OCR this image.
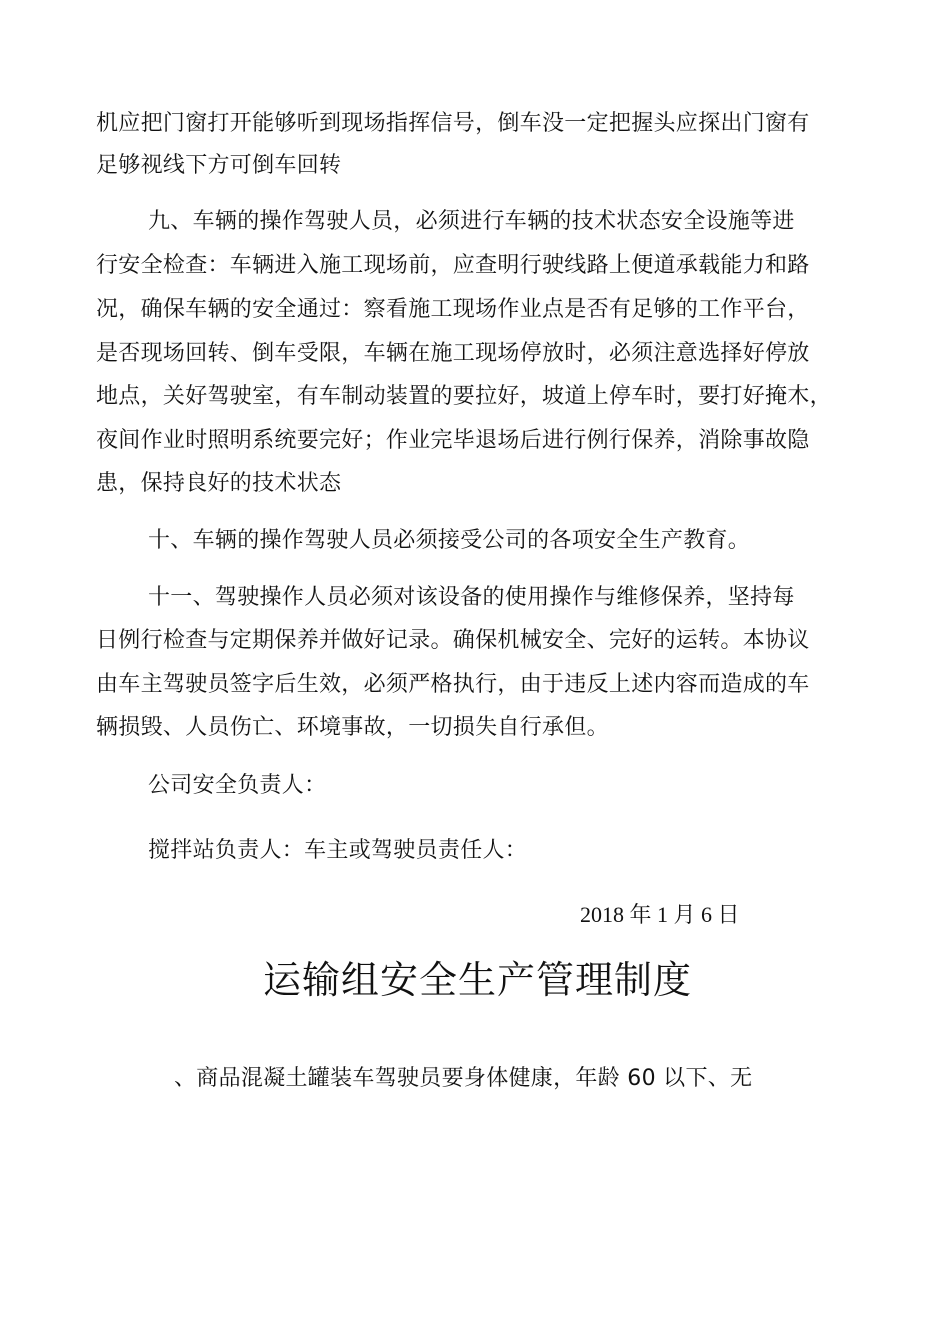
机应把门窗打开能够听到现场指挥信号，倒车没一定把握头应探出门窗有
足够视线下方可倒车回转
九、车辆的操作驾驶人员，必须进行车辆的技术状态安全设施等进
行安全检查：车辆进入施工现场前，应查明行驶线路上便道承载能力和路
况，确保车辆的安全通过：察看施工现场作业点是否有足够的工作平台，
是否现场回转、倒车受限，车辆在施工现场停放时，必须注意选择好停放
地点，关好驾驶室，有车制动装置的要拉好，坡道上停车时，要打好掩木，
夜间作业时照明系统要完好；作业完毕退场后进行例行保养，消除事故隐
患，保持良好的技术状态
十、车辆的操作驾驶人员必须接受公司的各项安全生产教育。
十一、驾驶操作人员必须对该设备的使用操作与维修保养，坚持每
日例行检查与定期保养并做好记录。确保机械安全、完好的运转。本协议
由车主驾驶员签字后生效，必须严格执行，由于违反上述内容而造成的车
辆损毁、人员伤亡、环境事故，一切损失自行承但。
公司安全负责人：
搅拌站负责人：车主或驾驶员责任人：
2018 年 1 月 6 日
运输组安全生产管理制度
、商品混凝土罐装车驾驶员要身体健康，年龄 60 以下、无
